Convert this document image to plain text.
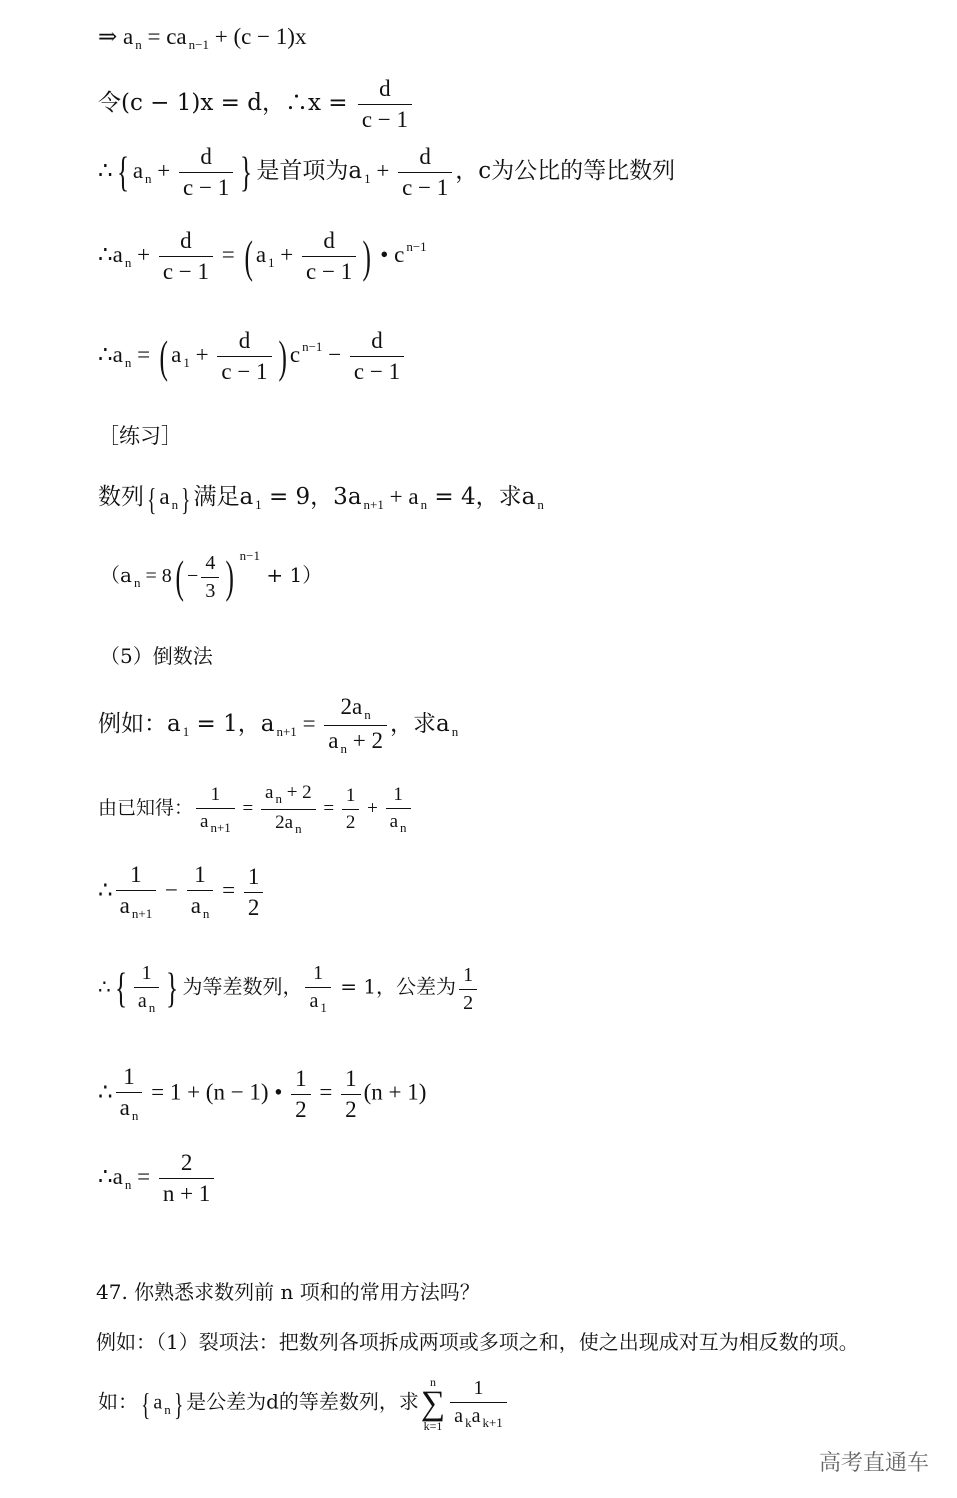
⇒ a $_n$ = ca $_{n-1}$ + (c − 1)x
令(c − 1)x = d，∴x = $\frac{d}{c - 1}$
∴{ a $_n + \frac{d}{c - 1}$ } 是首项为a $_1 + \frac{d}{c - 1}$ ，c为公比的等比数列
∴a $_n + \frac{d}{c - 1}$ = ( a $_1 + \frac{d}{c - 1}$ ) • c $^{n-1}$
∴a $_n$ = ( a $_1 + \frac{d}{c - 1}$ ) c $^{n-1} - \frac{d}{c - 1}$
［练习］
数列{ a $_n$} 满足a $_1$ = 9，3a $_{n+1}$ + a $_n$ = 4，求a $_n$
（a $_n = 8( - \frac{4}{3}$ ) $^{n-1}$ + 1）
（5）倒数法
例如：a $_1$ = 1，a $_{n+1} = \frac{2a _n}{a _n + 2}$ ，求a $_n$
由已知得： $\frac{1}{a _{n+1}} = \frac{a _n + 2}{2a _n} = \frac{1}{2} + \frac{1}{a _n}$
∴ $\frac{1}{a _{n+1}} - \frac{1}{a _n} = \frac{1}{2}$
∴{ $\frac{1}{a _n}$ } 为等差数列， $\frac{1}{a _1} = 1$，公差为 $\frac{1}{2}$
∴ $\frac{1}{a _n} = 1 + (n - 1)$ • $\frac{1}{2} = \frac{1}{2} (n + 1)$
∴a $_n = \frac{2}{n + 1}$
47. 你熟悉求数列前 n 项和的常用方法吗？
例如：（1）裂项法：把数列各项拆成两项或多项之和，使之出现成对互为相反数的项。
如：{ a $_n$} 是公差为d的等差数列，求
n
∑
$k=1 \frac{1}{a _ka _{k+1}}$
高考直通车
